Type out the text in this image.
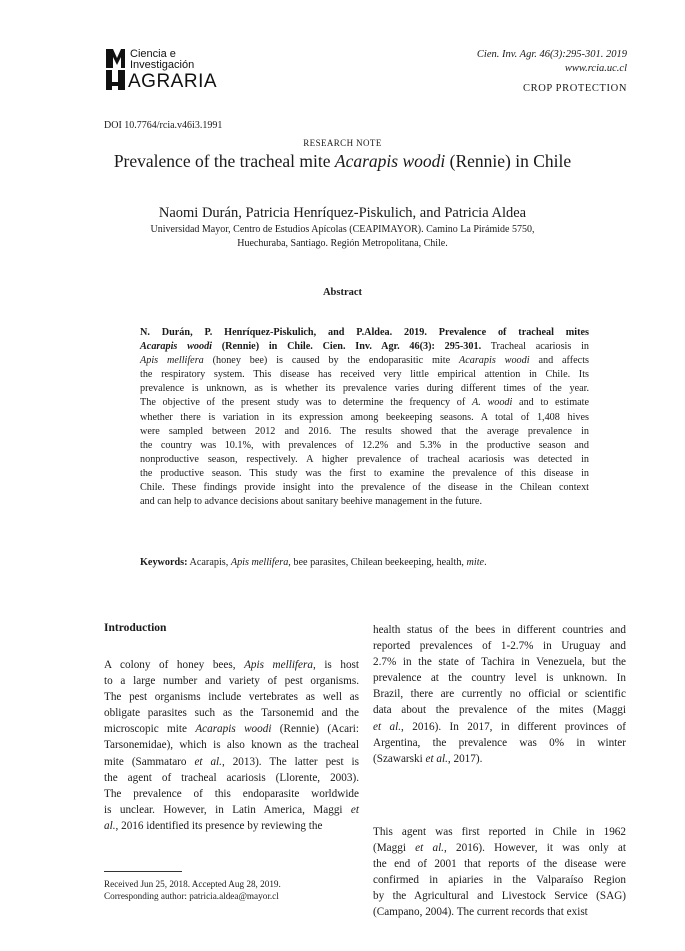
Ciencia e
Investigación
AGRARIA
Cien. Inv. Agr. 46(3):295-301. 2019
www.rcia.uc.cl
CROP PROTECTION
DOI 10.7764/rcia.v46i3.1991
RESEARCH NOTE
Prevalence of the tracheal mite Acarapis woodi (Rennie) in Chile
Naomi Durán, Patricia Henríquez-Piskulich, and Patricia Aldea
Universidad Mayor, Centro de Estudios Apícolas (CEAPIMAYOR). Camino La Pirámide 5750,
Huechuraba, Santiago. Región Metropolitana, Chile.
Abstract
N. Durán, P. Henríquez-Piskulich, and P.Aldea. 2019. Prevalence of tracheal mites
Acarapis woodi (Rennie) in Chile. Cien. Inv. Agr. 46(3): 295-301. Tracheal acariosis in
Apis mellifera (honey bee) is caused by the endoparasitic mite Acarapis woodi and affects
the respiratory system. This disease has received very little empirical attention in Chile. Its
prevalence is unknown, as is whether its prevalence varies during different times of the year.
The objective of the present study was to determine the frequency of A. woodi and to estimate
whether there is variation in its expression among beekeeping seasons. A total of 1,408 hives
were sampled between 2012 and 2016. The results showed that the average prevalence in
the country was 10.1%, with prevalences of 12.2% and 5.3% in the productive season and
nonproductive season, respectively. A higher prevalence of tracheal acariosis was detected in
the productive season. This study was the first to examine the prevalence of this disease in
Chile. These findings provide insight into the prevalence of the disease in the Chilean context
and can help to advance decisions about sanitary beehive management in the future.
Keywords: Acarapis, Apis mellifera, bee parasites, Chilean beekeeping, health, mite.
Introduction
A colony of honey bees, Apis mellifera, is host
to a large number and variety of pest organisms.
The pest organisms include vertebrates as well as
obligate parasites such as the Tarsonemid and the
microscopic mite Acarapis woodi (Rennie) (Acari:
Tarsonemidae), which is also known as the tracheal
mite (Sammataro et al., 2013). The latter pest is
the agent of tracheal acariosis (Llorente, 2003).
The prevalence of this endoparasite worldwide
is unclear. However, in Latin America, Maggi et
al., 2016 identified its presence by reviewing the
health status of the bees in different countries and
reported prevalences of 1-2.7% in Uruguay and
2.7% in the state of Tachira in Venezuela, but the
prevalence at the country level is unknown. In
Brazil, there are currently no official or scientific
data about the prevalence of the mites (Maggi
et al., 2016). In 2017, in different provinces of
Argentina, the prevalence was 0% in winter
(Szawarski et al., 2017).
This agent was first reported in Chile in 1962
(Maggi et al., 2016). However, it was only at
the end of 2001 that reports of the disease were
confirmed in apiaries in the Valparaíso Region
by the Agricultural and Livestock Service (SAG)
(Campano, 2004). The current records that exist
Received Jun 25, 2018. Accepted Aug 28, 2019.
Corresponding author: patricia.aldea@mayor.cl
